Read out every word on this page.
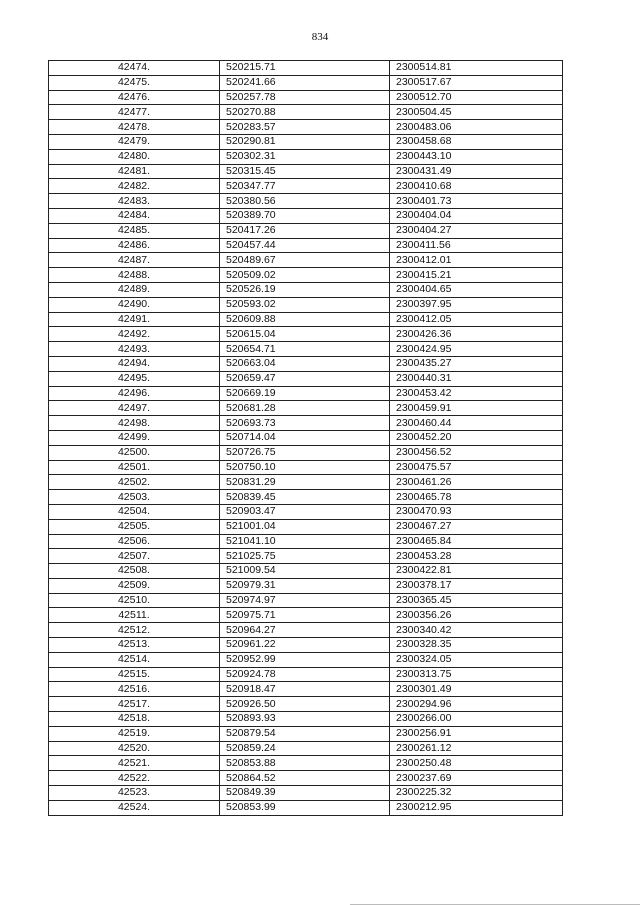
834
42474.	520215.71	2300514.81
42475.	520241.66	2300517.67
42476.	520257.78	2300512.70
42477.	520270.88	2300504.45
42478.	520283.57	2300483.06
42479.	520290.81	2300458.68
42480.	520302.31	2300443.10
42481.	520315.45	2300431.49
42482.	520347.77	2300410.68
42483.	520380.56	2300401.73
42484.	520389.70	2300404.04
42485.	520417.26	2300404.27
42486.	520457.44	2300411.56
42487.	520489.67	2300412.01
42488.	520509.02	2300415.21
42489.	520526.19	2300404.65
42490.	520593.02	2300397.95
42491.	520609.88	2300412.05
42492.	520615.04	2300426.36
42493.	520654.71	2300424.95
42494.	520663.04	2300435.27
42495.	520659.47	2300440.31
42496.	520669.19	2300453.42
42497.	520681.28	2300459.91
42498.	520693.73	2300460.44
42499.	520714.04	2300452.20
42500.	520726.75	2300456.52
42501.	520750.10	2300475.57
42502.	520831.29	2300461.26
42503.	520839.45	2300465.78
42504.	520903.47	2300470.93
42505.	521001.04	2300467.27
42506.	521041.10	2300465.84
42507.	521025.75	2300453.28
42508.	521009.54	2300422.81
42509.	520979.31	2300378.17
42510.	520974.97	2300365.45
42511.	520975.71	2300356.26
42512.	520964.27	2300340.42
42513.	520961.22	2300328.35
42514.	520952.99	2300324.05
42515.	520924.78	2300313.75
42516.	520918.47	2300301.49
42517.	520926.50	2300294.96
42518.	520893.93	2300266.00
42519.	520879.54	2300256.91
42520.	520859.24	2300261.12
42521.	520853.88	2300250.48
42522.	520864.52	2300237.69
42523.	520849.39	2300225.32
42524.	520853.99	2300212.95
